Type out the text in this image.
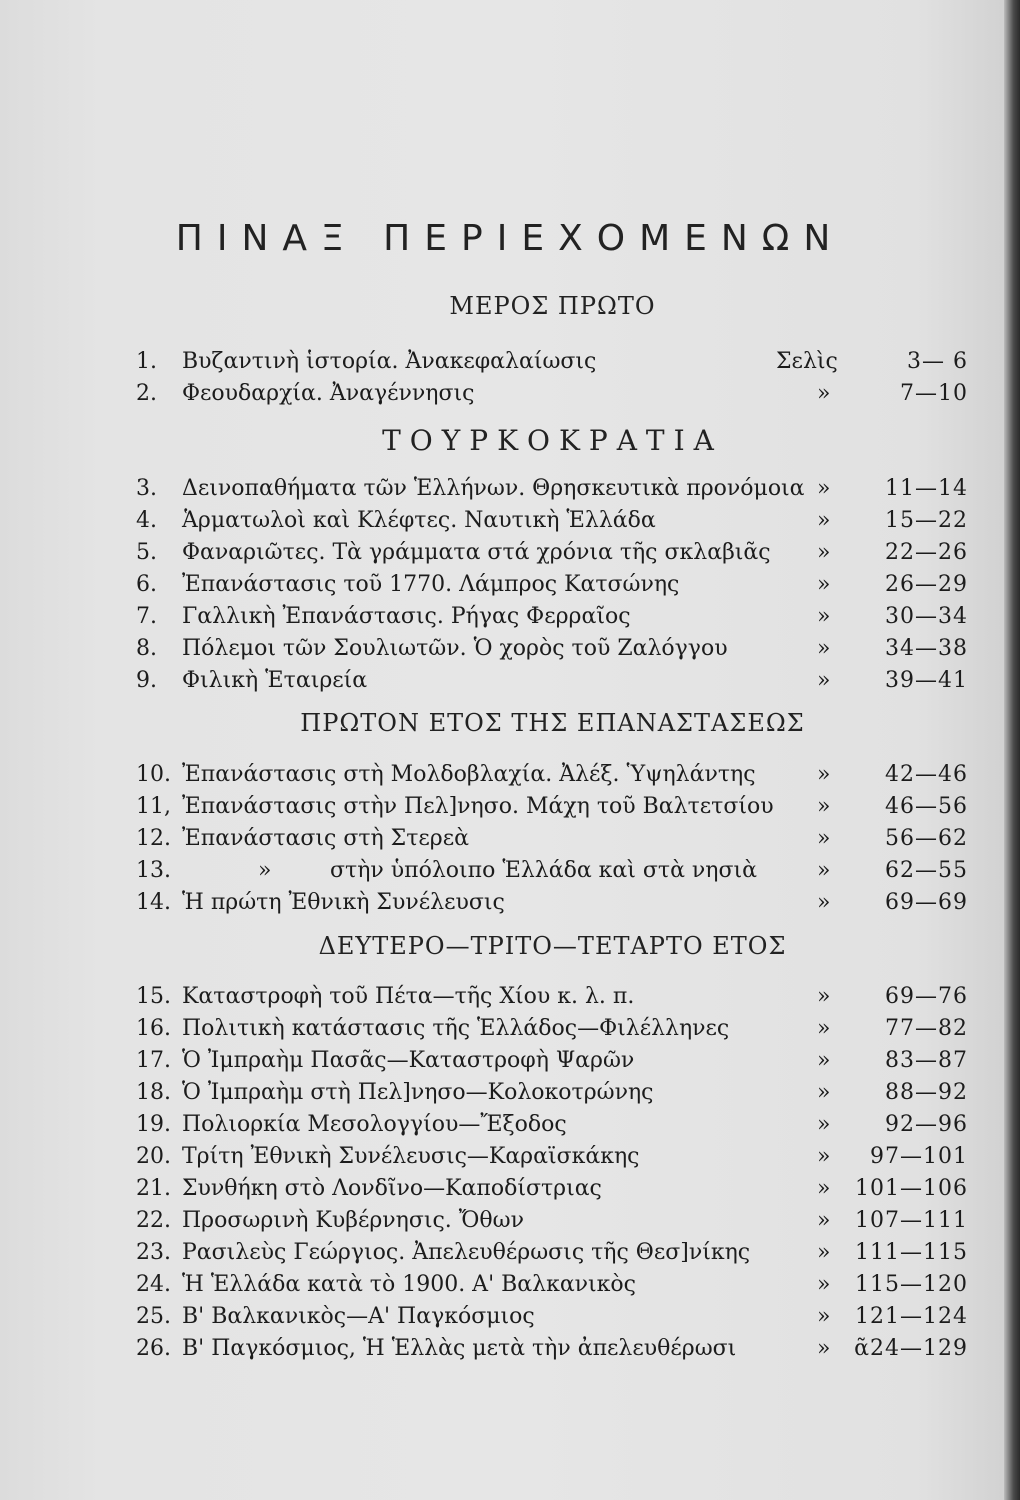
ΠΙΝΑΞ ΠΕΡΙΕΧΟΜΕΝΩΝ
ΜΕΡΟΣ ΠΡΩΤΟ
1. Βυζαντινὴ ἱστορία. Ἀνακεφαλαίωσις	Σελὶς	3— 6
2. Φεουδαρχία. Ἀναγέννησις	»	7—10
ΤΟΥΡΚΟΚΡΑΤΙΑ
3. Δεινοπαθήματα τῶν Ἑλλήνων. Θρησκευτικὰ προνόμοια » 11—14
4. Ἁρματωλοὶ καὶ Κλέφτες. Ναυτικὴ Ἑλλάδα	» 15—22
5. Φαναριῶτες. Τὰ γράμματα στά χρόνια τῆς σκλαβιᾶς » 22—26
6. Ἐπανάστασις τοῦ 1770. Λάμπρος Κατσώνης	» 26—29
7. Γαλλικὴ Ἐπανάστασις. Ρήγας Φερραῖος	» 30—34
8. Πόλεμοι τῶν Σουλιωτῶν. Ὁ χορὸς τοῦ Ζαλόγγου	» 34—38
9. Φιλικὴ Ἑταιρεία	» 39—41
ΠΡΩΤΟΝ ΕΤΟΣ ΤΗΣ ΕΠΑΝΑΣΤΑΣΕΩΣ
10. Ἐπανάστασις στὴ Μολδοβλαχία. Ἀλέξ. Ὑψηλάντης	» 42—46
11, Ἐπανάστασις στὴν Πελ]νησο. Μάχη τοῦ Βαλτετσίου » 46—56
12. Ἐπανάστασις στὴ Στερεὰ	» 56—62
13.	»	στὴν ὑπόλοιπο Ἑλλάδα καὶ στὰ νησιὰ	» 62—55
14. Ἡ πρώτη Ἐθνικὴ Συνέλευσις	» 69—69
ΔΕΥΤΕΡΟ—ΤΡΙΤΟ—ΤΕΤΑΡΤΟ ΕΤΟΣ
15. Καταστροφὴ τοῦ Πέτα—τῆς Χίου κ. λ. π.	» 69—76
16. Πολιτικὴ κατάστασις τῆς Ἑλλάδος—Φιλέλληνες	» 77—82
17. Ὁ Ἰμπραὴμ Πασᾶς—Καταστροφὴ Ψαρῶν	» 83—87
18. Ὁ Ἰμπραὴμ στὴ Πελ]νησο—Κολοκοτρώνης	» 88—92
19. Πολιορκία Μεσολογγίου—Ἔξοδος	» 92—96
20. Τρίτη Ἐθνικὴ Συνέλευσις—Καραϊσκάκης	» 97—101
21. Συνθήκη στὸ Λονδῖνο—Καποδίστριας	» 101—106
22. Προσωρινὴ Κυβέρνησις. Ὄθων	» 107—111
23. Ρασιλεὺς Γεώργιος. Ἀπελευθέρωσις τῆς Θεσ]νίκης	» 111—115
24. Ἡ Ἑλλάδα κατὰ τὸ 1900. Α' Βαλκανικὸς	» 115—120
25. Β' Βαλκανικὸς—Α' Παγκόσμιος	» 121—124
26. Β' Παγκόσμιος, Ἡ Ἑλλὰς μετὰ τὴν ἀπελευθέρωσι	» ᾶ24—129
